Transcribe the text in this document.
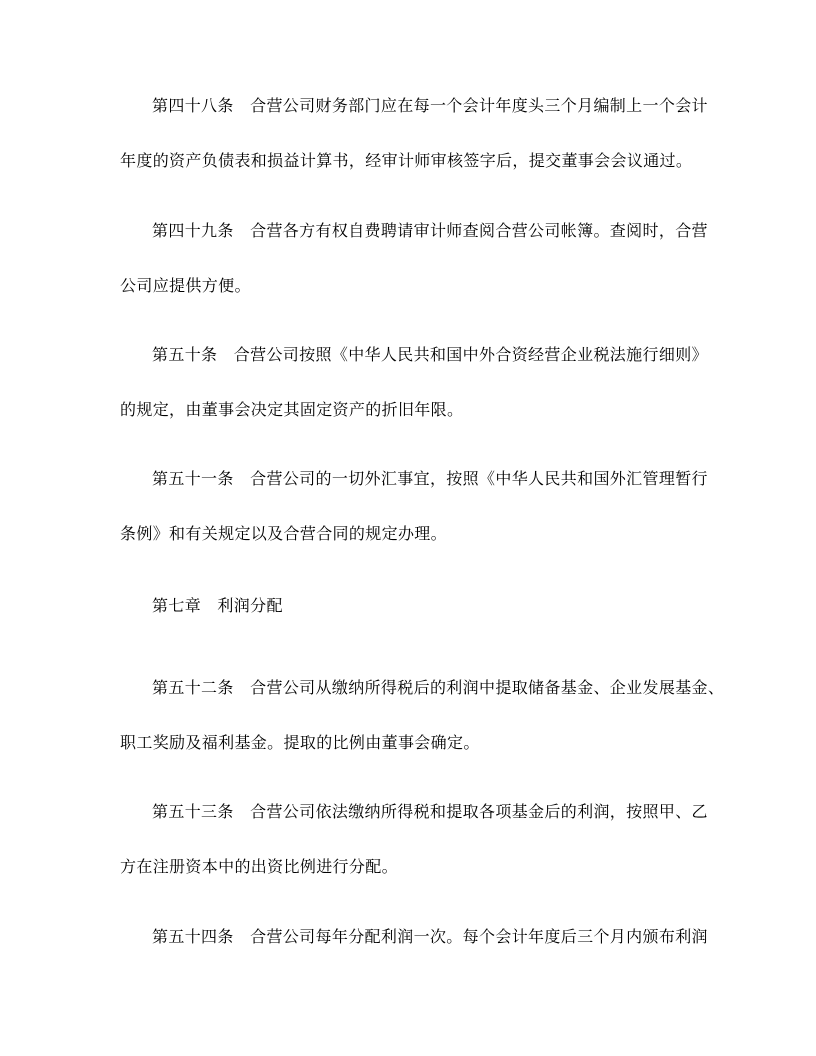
第四十八条　合营公司财务部门应在每一个会计年度头三个月编制上一个会计
年度的资产负债表和损益计算书，经审计师审核签字后，提交董事会会议通过。
第四十九条　合营各方有权自费聘请审计师查阅合营公司帐簿。查阅时，合营
公司应提供方便。
第五十条　合营公司按照《中华人民共和国中外合资经营企业税法施行细则》
的规定，由董事会决定其固定资产的折旧年限。
第五十一条　合营公司的一切外汇事宜，按照《中华人民共和国外汇管理暂行
条例》和有关规定以及合营合同的规定办理。
第七章　利润分配
第五十二条　合营公司从缴纳所得税后的利润中提取储备基金、企业发展基金、
职工奖励及福利基金。提取的比例由董事会确定。
第五十三条　合营公司依法缴纳所得税和提取各项基金后的利润，按照甲、乙
方在注册资本中的出资比例进行分配。
第五十四条　合营公司每年分配利润一次。每个会计年度后三个月内颁布利润
